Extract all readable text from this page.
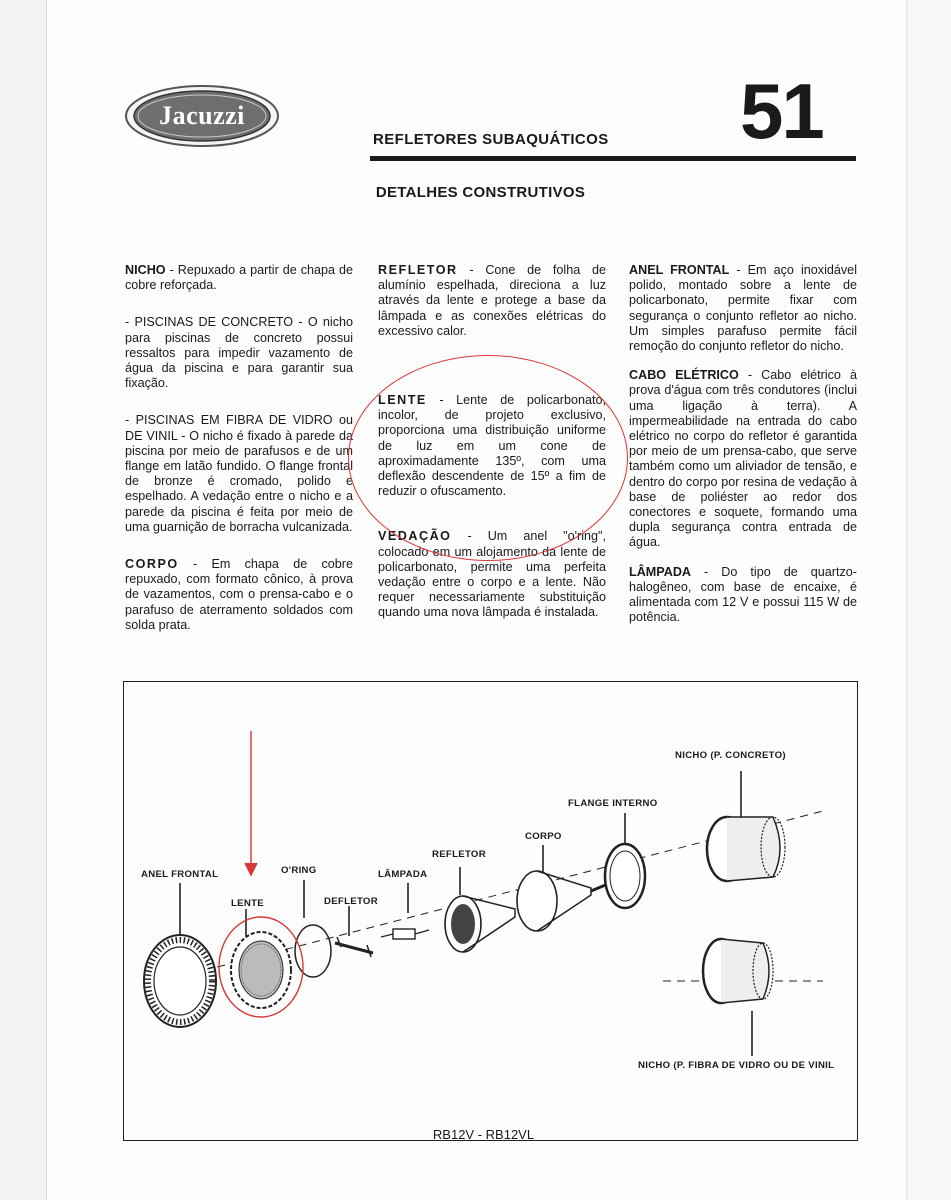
Jacuzzi
REFLETORES SUBAQUÁTICOS 51
DETALHES CONSTRUTIVOS

NICHO - Repuxado a partir de chapa de cobre reforçada.

- PISCINAS DE CONCRETO - O nicho para piscinas de concreto possui ressaltos para impedir vazamento de água da piscina e para garantir sua fixação.

- PISCINAS EM FIBRA DE VIDRO ou DE VINIL - O nicho é fixado à parede da piscina por meio de parafusos e de um flange em latão fundido. O flange frontal de bronze é cromado, polido e espelhado. A vedação entre o nicho e a parede da piscina é feita por meio de uma guarnição de borracha vulcanizada.

CORPO - Em chapa de cobre repuxado, com formato cônico, à prova de vazamentos, com o prensa-cabo e o parafuso de aterramento soldados com solda prata.

REFLETOR - Cone de folha de alumínio espelhada, direciona a luz através da lente e protege a base da lâmpada e as conexões elétricas do excessivo calor.

LENTE - Lente de policarbonato, incolor, de projeto exclusivo, proporciona uma distribuição uniforme de luz em um cone de aproximadamente 135º, com uma deflexão descendente de 15º a fim de reduzir o ofuscamento.

VEDAÇÃO - Um anel "o'ring", colocado em um alojamento da lente de policarbonato, permite uma perfeita vedação entre o corpo e a lente. Não requer necessariamente substituição quando uma nova lâmpada é instalada.

ANEL FRONTAL - Em aço inoxidável polido, montado sobre a lente de policarbonato, permite fixar com segurança o conjunto refletor ao nicho. Um simples parafuso permite fácil remoção do conjunto refletor do nicho.

CABO ELÉTRICO - Cabo elétrico à prova d'água com três condutores (inclui uma ligação à terra). A impermeabilidade na entrada do cabo elétrico no corpo do refletor é garantida por meio de um prensa-cabo, que serve também como um aliviador de tensão, e dentro do corpo por resina de vedação à base de poliéster ao redor dos conectores e soquete, formando uma dupla segurança contra entrada de água.

LÂMPADA - Do tipo de quartzo-halogêneo, com base de encaixe, é alimentada com 12 V e possui 115 W de potência.

NICHO (P. CONCRETO)
FLANGE INTERNO
CORPO
REFLETOR
LÂMPADA
O'RING
ANEL FRONTAL
LENTE	DEFLETOR
NICHO (P. FIBRA DE VIDRO OU DE VINIL
RB12V - RB12VL
